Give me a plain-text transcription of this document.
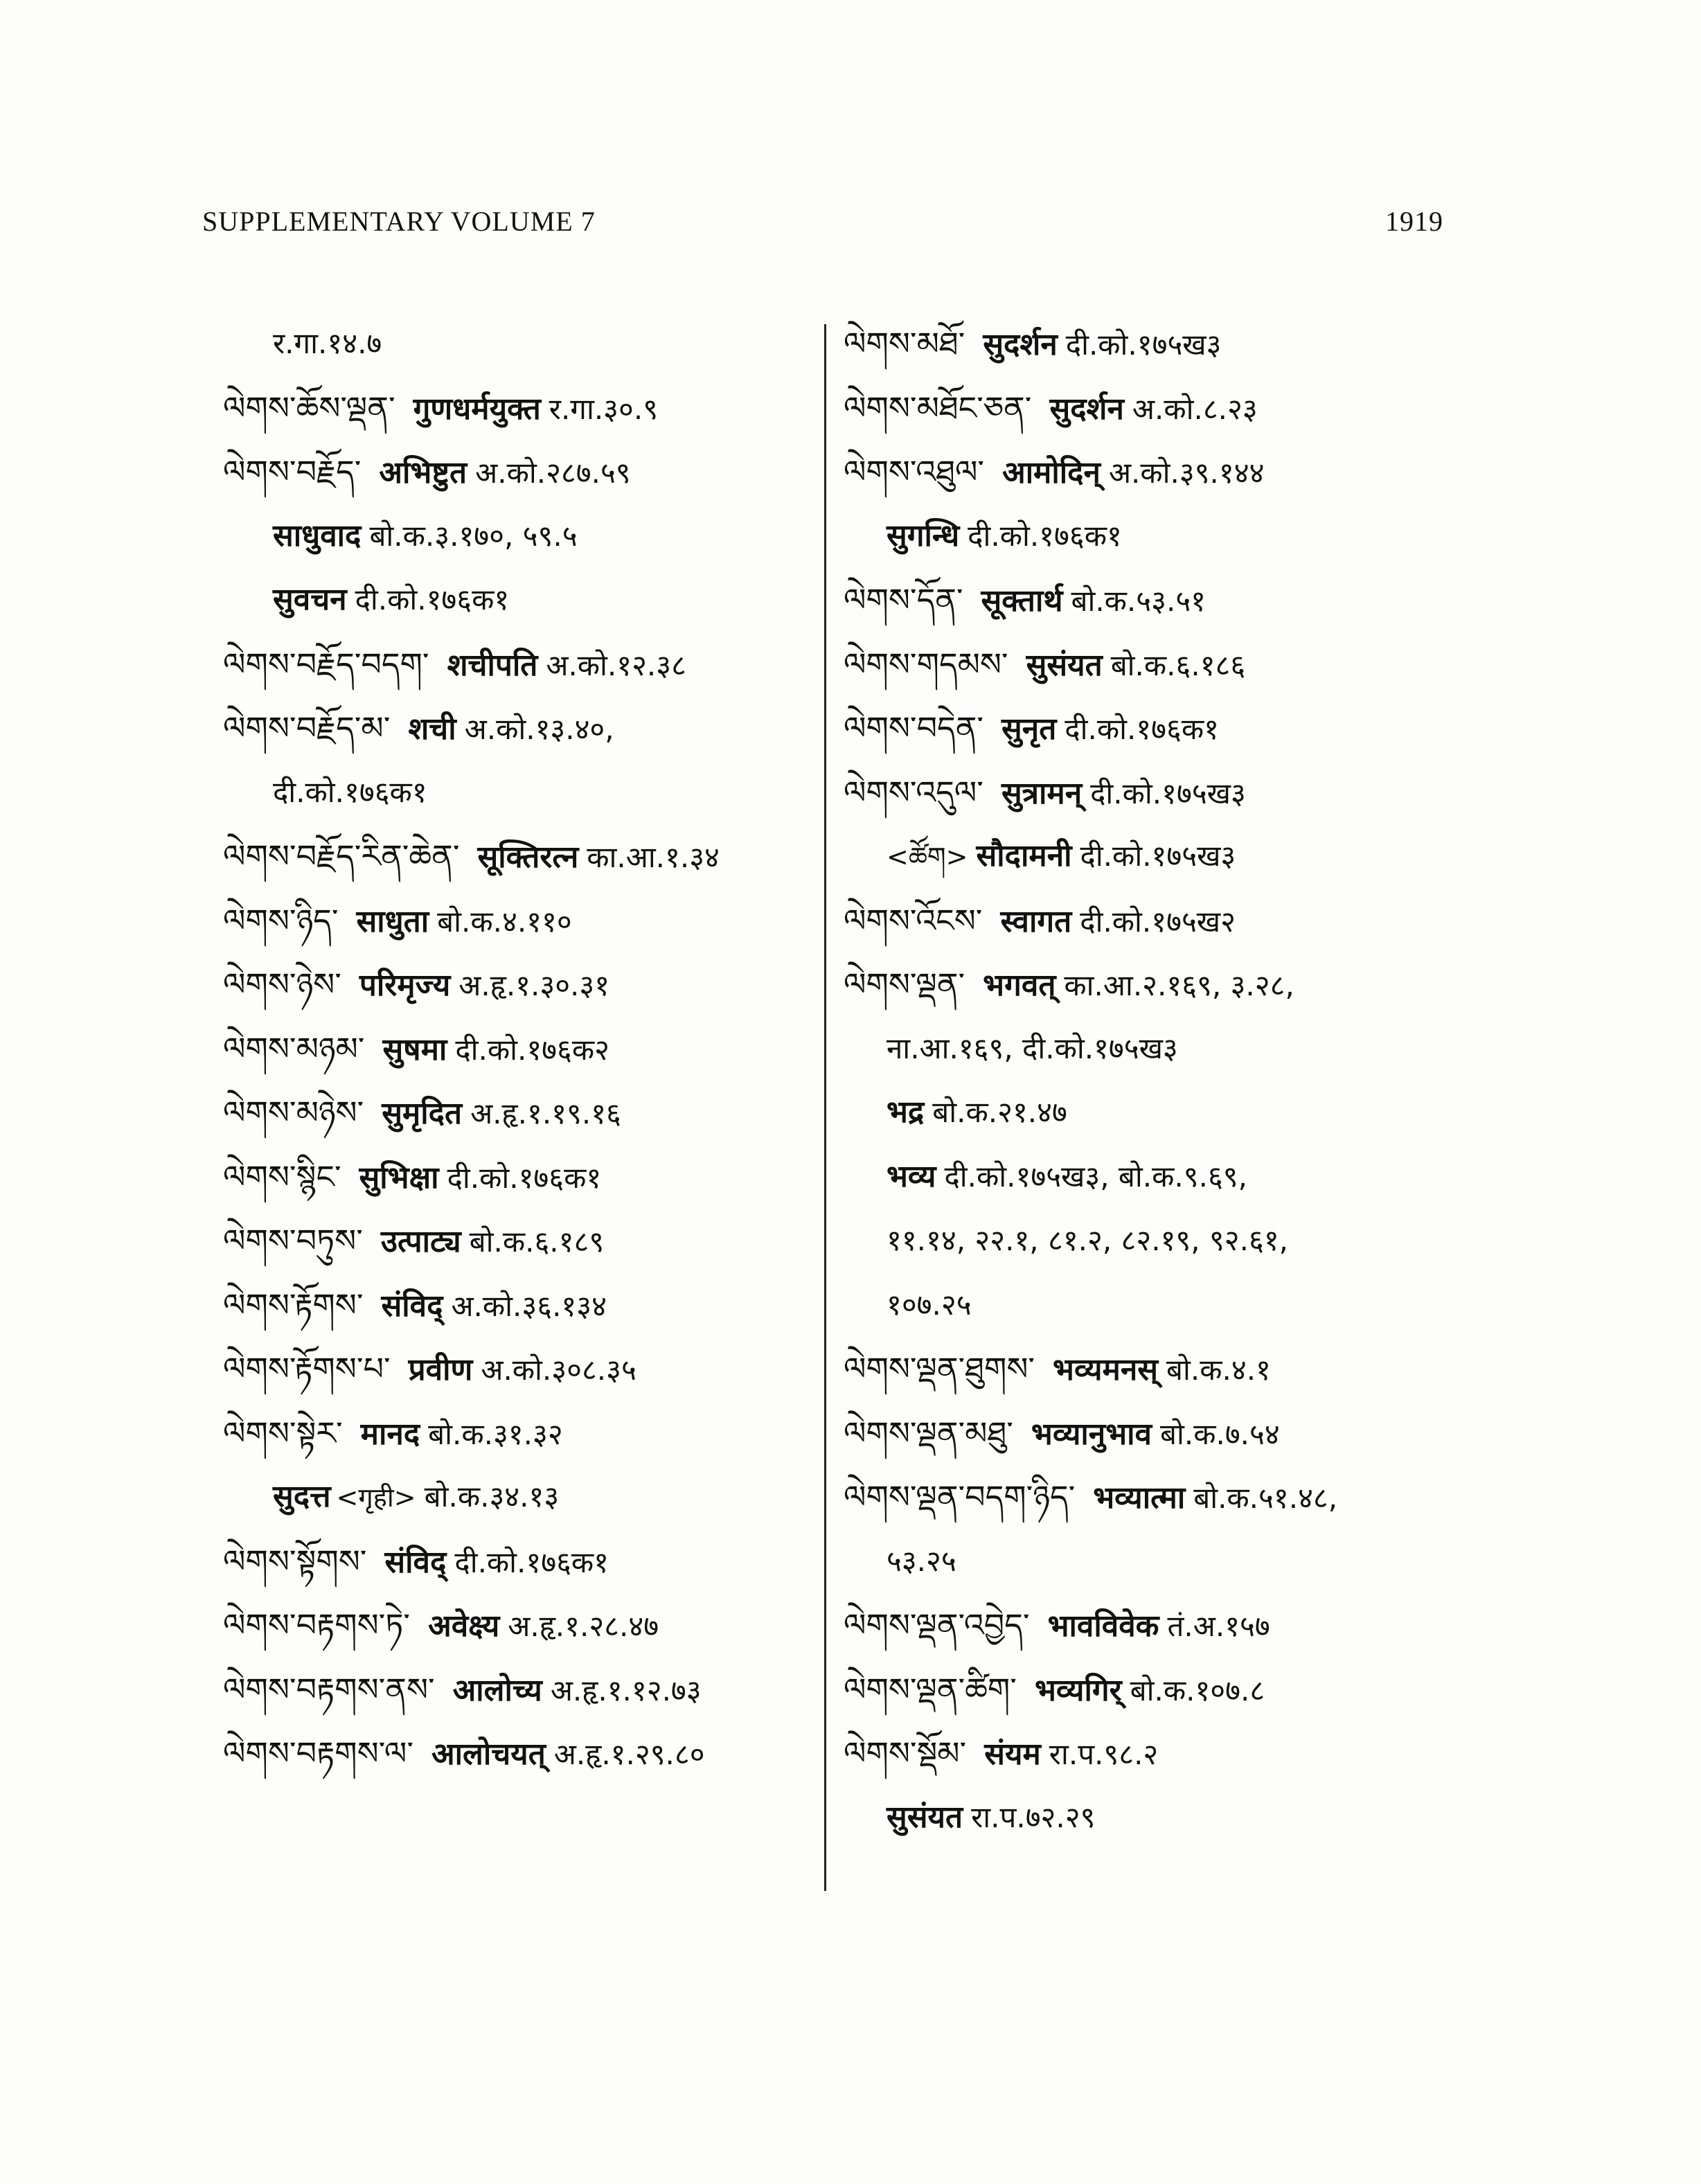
SUPPLEMENTARY VOLUME 7	1919
र.गा.१४.७
ལེགས་ཆོས་ལྡན་ गुणधर्मयुक्त र.गा.३०.९
ལེགས་བརྗོད་ अभिष्टुत अ.को.२८७.५९
साधुवाद बो.क.३.१७०, ५९.५
सुवचन दी.को.१७६क१
ལེགས་བརྗོད་བདག་ शचीपति अ.को.१२.३८
ལེགས་བརྗོད་མ་ शची अ.को.१३.४०,
दी.को.१७६क१
ལེགས་བརྗོད་རིན་ཆེན་ सूक्तिरत्न का.आ.१.३४
ལེགས་ཉིད་ साधुता बो.क.४.११०
ལེགས་ཉེས་ परिमृज्य अ.हृ.१.३०.३१
ལེགས་མཉམ་ सुषमा दी.को.१७६क२
ལེགས་མཉེས་ सुमृदित अ.हृ.१.१९.१६
ལེགས་སྙིང་ सुभिक्षा दी.को.१७६क१
ལེགས་བཏུས་ उत्पाट्य बो.क.६.१८९
ལེགས་རྟོགས་ संविद् अ.को.३६.१३४
ལེགས་རྟོགས་པ་ प्रवीण अ.को.३०८.३५
ལེགས་སྟེར་ मानद बो.क.३१.३२
सुदत्त <गृही> बो.क.३४.१३
ལེགས་སྟོགས་ संविद् दी.को.१७६क१
ལེགས་བརྟགས་ཏེ་ अवेक्ष्य अ.हृ.१.२८.४७
ལེགས་བརྟགས་ནས་ आलोच्य अ.हृ.१.१२.७३
ལེགས་བརྟགས་ལ་ आलोचयत् अ.हृ.१.२९.८०
ལེགས་མཐོ་ सुदर्शन दी.को.१७५ख३
ལེགས་མཐོང་ཅན་ सुदर्शन अ.को.८.२३
ལེགས་འཐུལ་ आमोदिन् अ.को.३९.१४४
सुगन्धि दी.को.१७६क१
ལེགས་དོན་ सूक्तार्थ बो.क.५३.५१
ལེགས་གདམས་ सुसंयत बो.क.६.१८६
ལེགས་བདེན་ सुनृत दी.को.१७६क१
ལེགས་འདུལ་ सुत्रामन् दी.को.१७५ख३
<ཚོག> सौदामनी दी.को.१७५ख३
ལེགས་འོངས་ स्वागत दी.को.१७५ख२
ལེགས་ལྡན་ भगवत् का.आ.२.१६९, ३.२८,
ना.आ.१६९, दी.को.१७५ख३
भद्र बो.क.२१.४७
भव्य दी.को.१७५ख३, बो.क.९.६९,
११.१४, २२.१, ८१.२, ८२.१९, ९२.६१,
१०७.२५
ལེགས་ལྡན་ཐུགས་ भव्यमनस् बो.क.४.१
ལེགས་ལྡན་མཐུ་ भव्यानुभाव बो.क.७.५४
ལེགས་ལྡན་བདག་ཉིད་ भव्यात्मा बो.क.५१.४८,
५३.२५
ལེགས་ལྡན་འབྱེད་ भावविवेक तं.अ.१५७
ལེགས་ལྡན་ཚིག་ भव्यगिर् बो.क.१०७.८
ལེགས་སྡོམ་ संयम रा.प.९८.२
सुसंयत रा.प.७२.२९
